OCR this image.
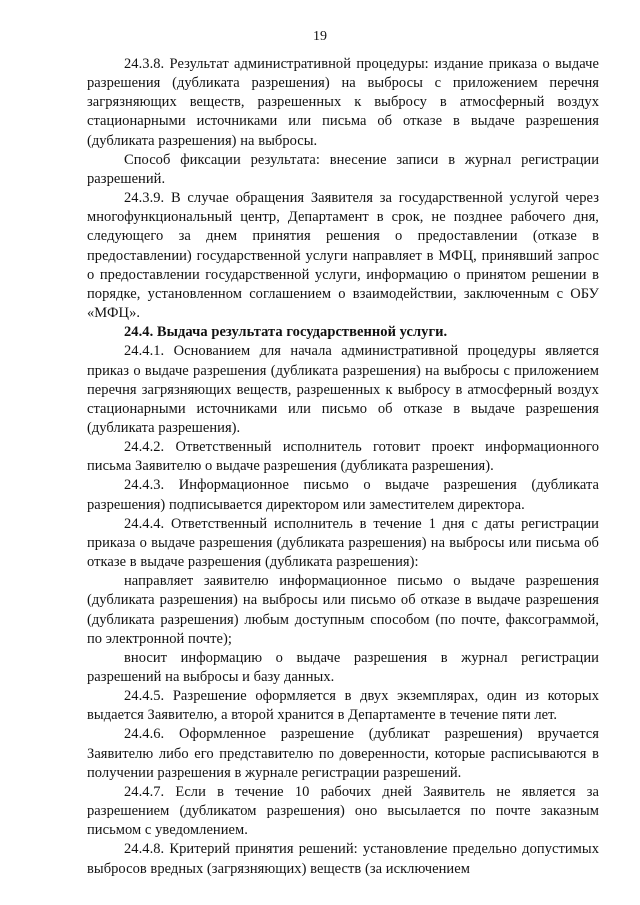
19

24.3.8. Результат административной процедуры: издание приказа о выдаче разрешения (дубликата разрешения) на выбросы с приложением перечня загрязняющих веществ, разрешенных к выбросу в атмосферный воздух стационарными источниками или письма об отказе в выдаче разрешения (дубликата разрешения) на выбросы.

Способ фиксации результата: внесение записи в журнал регистрации разрешений.

24.3.9. В случае обращения Заявителя за государственной услугой через многофункциональный центр, Департамент в срок, не позднее рабочего дня, следующего за днем принятия решения о предоставлении (отказе в предоставлении) государственной услуги направляет в МФЦ, принявший запрос о предоставлении государственной услуги, информацию о принятом решении в порядке, установленном соглашением о взаимодействии, заключенным с ОБУ «МФЦ».

24.4. Выдача результата государственной услуги.

24.4.1. Основанием для начала административной процедуры является приказ о выдаче разрешения (дубликата разрешения) на выбросы с приложением перечня загрязняющих веществ, разрешенных к выбросу в атмосферный воздух стационарными источниками или письмо об отказе в выдаче разрешения (дубликата разрешения).

24.4.2. Ответственный исполнитель готовит проект информационного письма Заявителю о выдаче разрешения (дубликата разрешения).

24.4.3. Информационное письмо о выдаче разрешения (дубликата разрешения) подписывается директором или заместителем директора.

24.4.4. Ответственный исполнитель в течение 1 дня с даты регистрации приказа о выдаче разрешения (дубликата разрешения) на выбросы или письма об отказе в выдаче разрешения (дубликата разрешения):

направляет заявителю информационное письмо о выдаче разрешения (дубликата разрешения) на выбросы или письмо об отказе в выдаче разрешения (дубликата разрешения) любым доступным способом (по почте, факсограммой, по электронной почте);

вносит информацию о выдаче разрешения в журнал регистрации разрешений на выбросы и базу данных.

24.4.5. Разрешение оформляется в двух экземплярах, один из которых выдается Заявителю, а второй хранится в Департаменте в течение пяти лет.

24.4.6. Оформленное разрешение (дубликат разрешения) вручается Заявителю либо его представителю по доверенности, которые расписываются в получении разрешения в журнале регистрации разрешений.

24.4.7. Если в течение 10 рабочих дней Заявитель не является за разрешением (дубликатом разрешения) оно высылается по почте заказным письмом с уведомлением.

24.4.8. Критерий принятия решений: установление предельно допустимых выбросов вредных (загрязняющих) веществ (за исключением
